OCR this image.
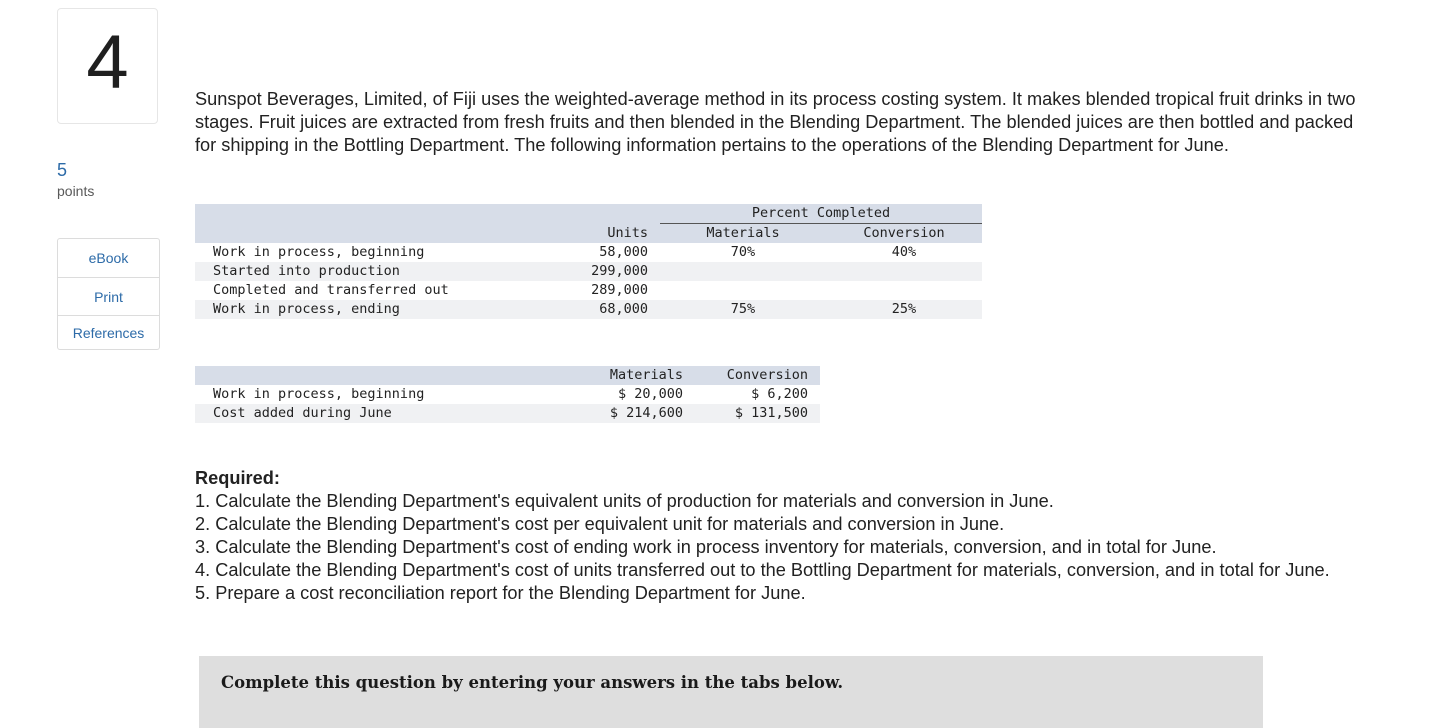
4
5
points
eBook
Print
References
Sunspot Beverages, Limited, of Fiji uses the weighted-average method in its process costing system. It makes blended tropical fruit drinks in two stages. Fruit juices are extracted from fresh fruits and then blended in the Blending Department. The blended juices are then bottled and packed for shipping in the Bottling Department. The following information pertains to the operations of the Blending Department for June.
		Percent Completed	
	Units	Materials	Conversion
Work in process, beginning	58,000	70%	40%
Started into production	299,000		
Completed and transferred out	289,000		
Work in process, ending	68,000	75%	25%
	Materials	Conversion
Work in process, beginning	$ 20,000	$ 6,200
Cost added during June	$ 214,600	$ 131,500
Required:
1. Calculate the Blending Department's equivalent units of production for materials and conversion in June.
2. Calculate the Blending Department's cost per equivalent unit for materials and conversion in June.
3. Calculate the Blending Department's cost of ending work in process inventory for materials, conversion, and in total for June.
4. Calculate the Blending Department's cost of units transferred out to the Bottling Department for materials, conversion, and in total for June.
5. Prepare a cost reconciliation report for the Blending Department for June.
Complete this question by entering your answers in the tabs below.
